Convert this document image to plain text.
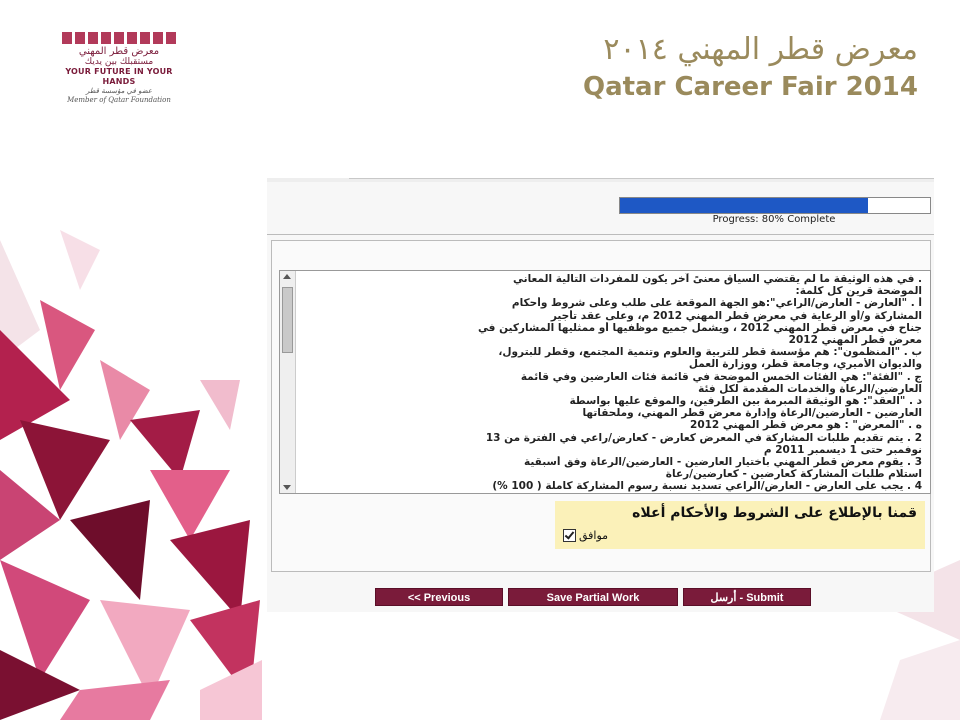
معرض قطر المهني
مستقبلك بين يديك
YOUR FUTURE IN YOUR HANDS
عضو في مؤسسة قطر
Member of Qatar Foundation
معرض قطر المهني ٢٠١٤
Qatar Career Fair 2014
Progress: 80% Complete
. في هذه الوثيقة ما لم يقتضي السياق معنىً آخر يكون للمفردات التالية المعاني
الموضحة قرين كل كلمة:
أ . "العارض - العارض/الراعي":هو الجهة الموقعة على طلب وعلى شروط وأحكام
المشاركة و/أو الرعاية في معرض قطر المهني 2012 م، وعلى عقد تأجير
جناح في معرض قطر المهني 2012 ، ويشمل جميع موظفيها أو ممثليها المشاركين في
معرض قطر المهني 2012
ب . "المنظمون": هم مؤسسة قطر للتربية والعلوم وتنمية المجتمع، وقطر للبترول،
والديوان الأميري، وجامعة قطر، ووزارة العمل
ج . "الفئة": هي الفئات الخمس الموضحة في قائمة فئات العارضين وفي قائمة
العارضين/الرعاة والخدمات المقدمة لكل فئة
د . "العقد": هو الوثيقة المبرمة بين الطرفين، والموقع عليها بواسطة
العارضين - العارضين/الرعاة وإدارة معرض قطر المهني، وملحقاتها
ه . "المعرض" : هو معرض قطر المهني 2012
2 . يتم تقديم طلبات المشاركة في المعرض كعارض - كعارض/راعي في الفترة من 13
نوفمبر حتى 1 ديسمبر 2011 م
3 . يقوم معرض قطر المهني باختيار العارضين - العارضين/الرعاة وفق أسبقية
استلام طلبات المشاركة كعارضين - كعارضين/رعاة
4 . يجب على العارض - العارض/الراعي تسديد نسبة رسوم المشاركة كاملة ( 100 %)
قمنا بالإطلاع على الشروط والأحكام أعلاه
موافق
<< Previous	Save Partial Work	أرسل - Submit
